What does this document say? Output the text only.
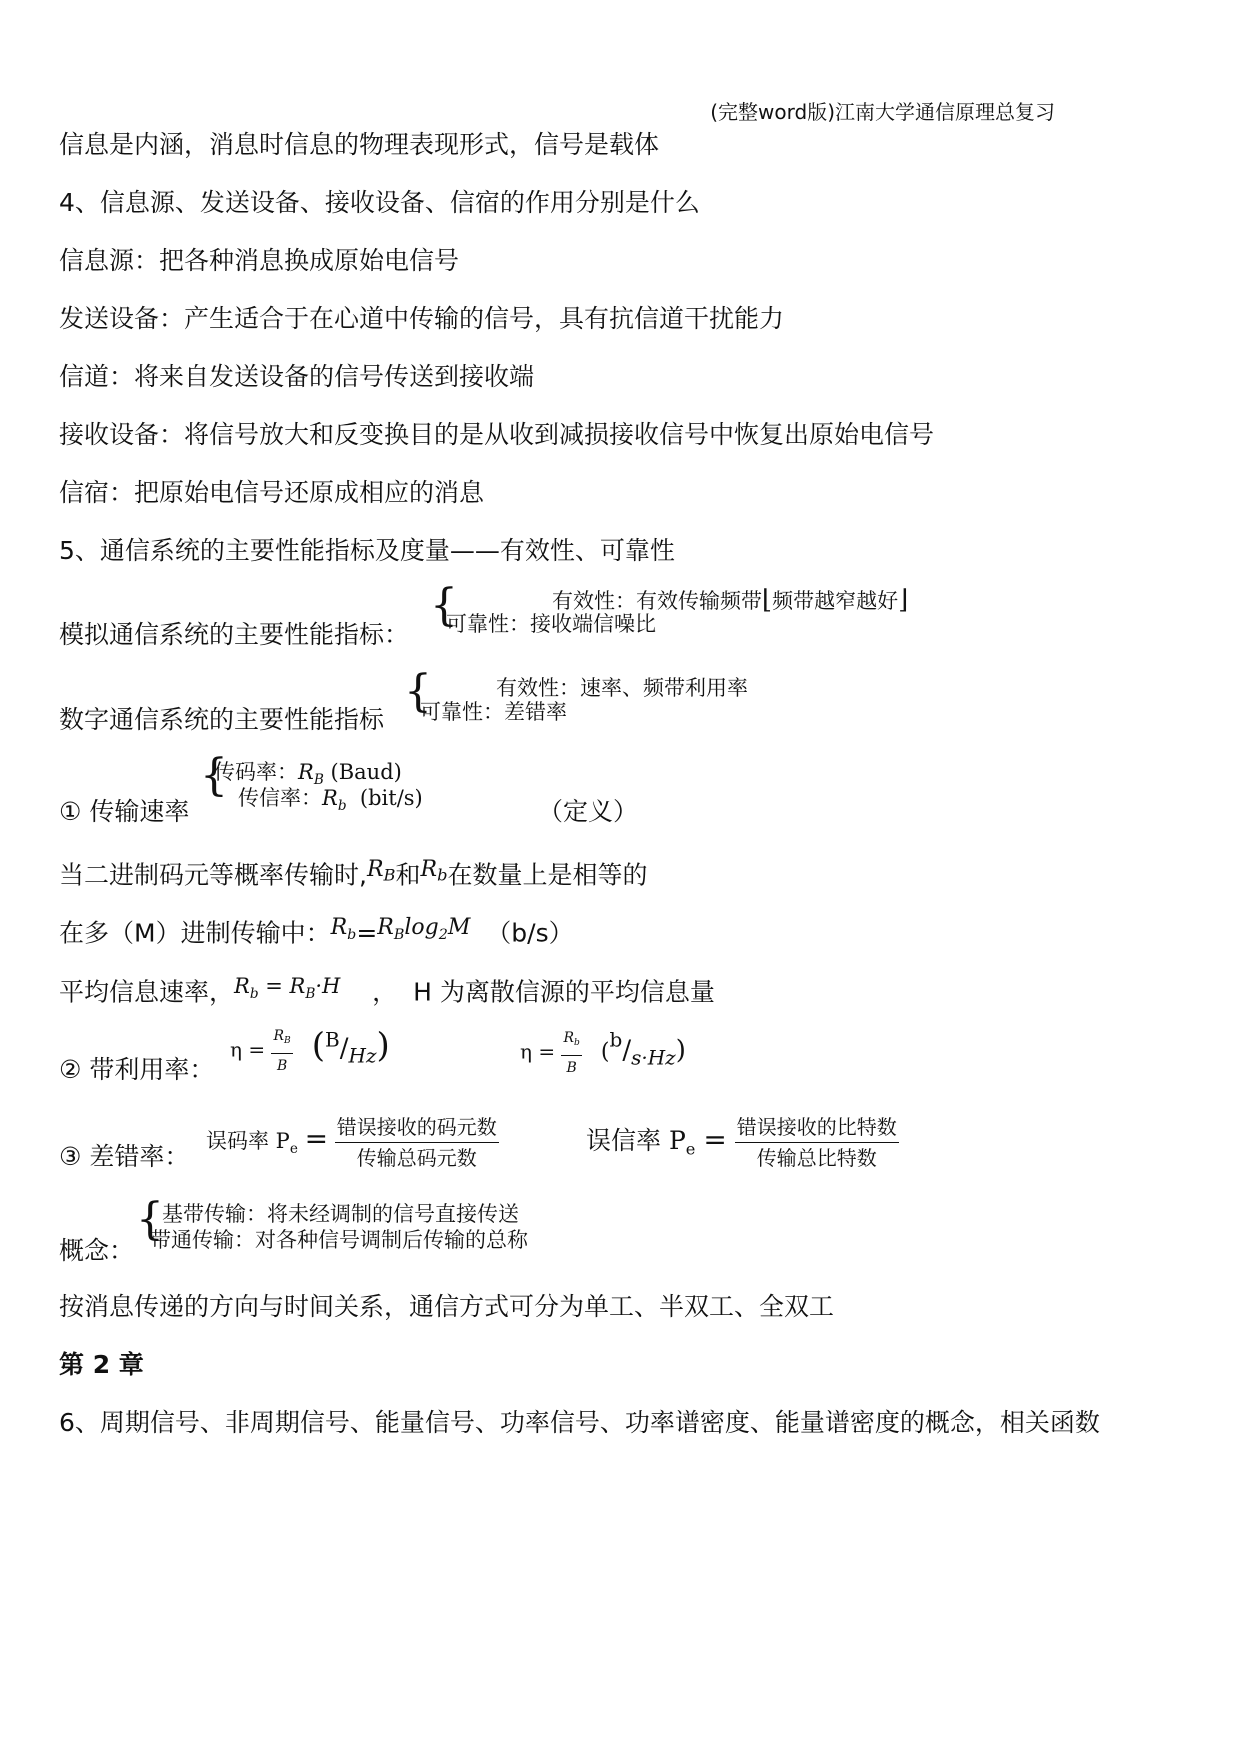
(完整word版)江南大学通信原理总复习
信息是内涵，消息时信息的物理表现形式，信号是载体
4、信息源、发送设备、接收设备、信宿的作用分别是什么
信息源：把各种消息换成原始电信号
发送设备：产生适合于在心道中传输的信号，具有抗信道干扰能力
信道：将来自发送设备的信号传送到接收端
接收设备：将信号放大和反变换目的是从收到减损接收信号中恢复出原始电信号
信宿：把原始电信号还原成相应的消息
5、通信系统的主要性能指标及度量——有效性、可靠性
模拟通信系统的主要性能指标：
{	有效性：有效传输频带⌊频带越窄越好⌋
可靠性：接收端信噪比
数字通信系统的主要性能指标
{	有效性：速率、频带利用率
可靠性：差错率
{
传码率：$R_B$ (Baud)
传信率：$R_b$ (bit/s)
① 传输速率	（定义）
当二进制码元等概率传输时$,R^B$和$R^b$在数量上是相等的
在多（M）进制传输中：$R_b=R_B\log_2M$ （b/s）
平均信息速率，$^{R_b = R_B\cdot H}$ ， H 为离散信源的平均信息量
② 带利用率：
$\eta = \frac{R_B}{B} (B/Hz)$	$\eta = \frac{R_b}{B} (b/s\cdot Hz)$
③ 差错率：
误码率 $P_e = \frac{\text{错误接收的码元数}}{\text{传输总码元数}}$	误信率 $P_e = \frac{\text{错误接收的比特数}}{\text{传输总比特数}}$
{
基带传输：将未经调制的信号直接传送
带通传输：对各种信号调制后传输的总称
概念：
按消息传递的方向与时间关系，通信方式可分为单工、半双工、全双工
第 2 章
6、周期信号、非周期信号、能量信号、功率信号、功率谱密度、能量谱密度的概念，相关函数
